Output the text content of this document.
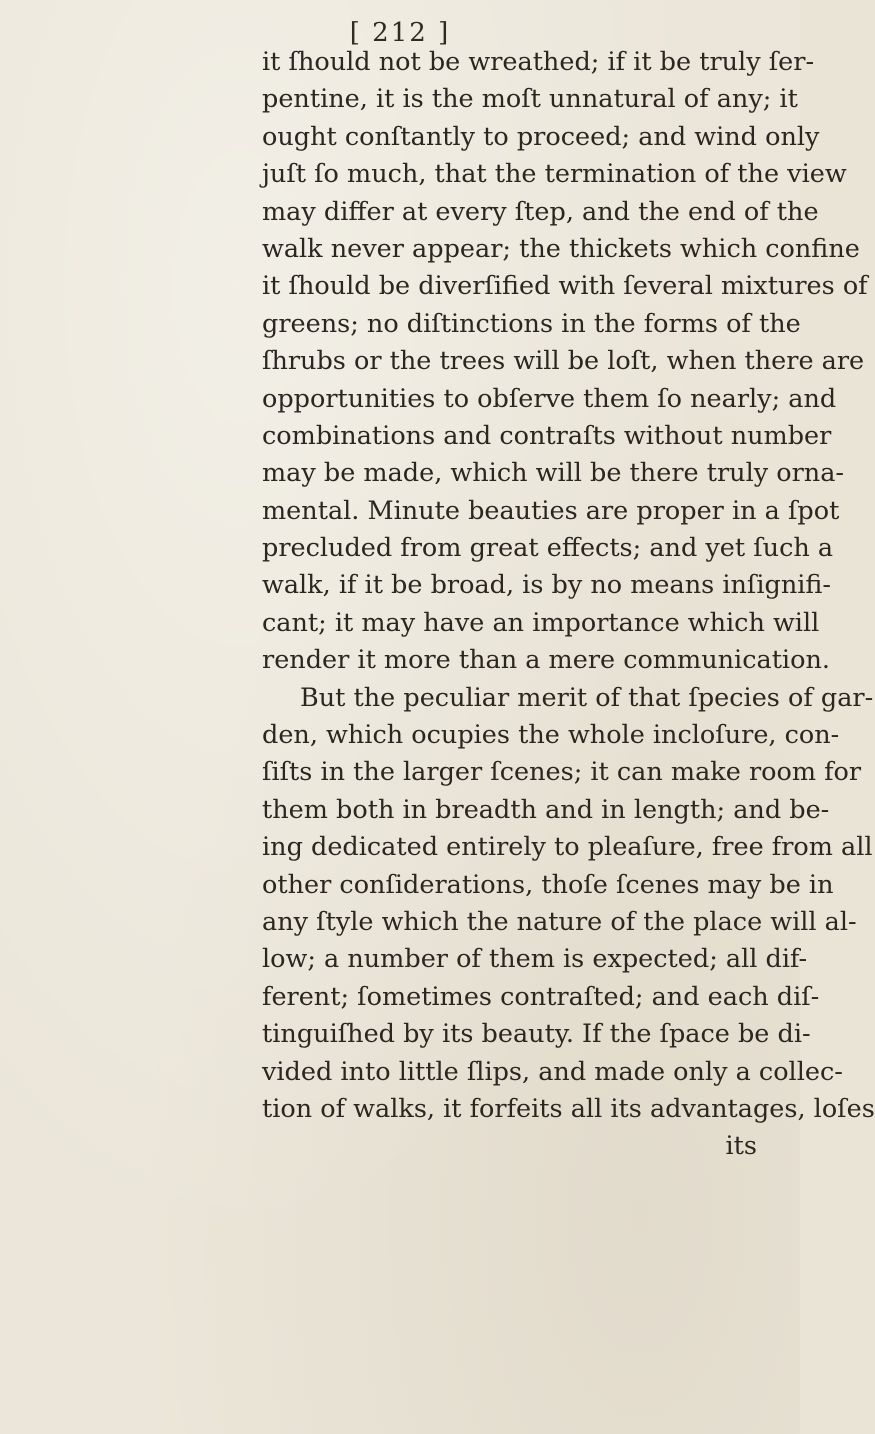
[ 212 ]
it ſhould not be wreathed; if it be truly ſer-
pentine, it is the moſt unnatural of any; it
ought conſtantly to proceed; and wind only
juſt ſo much, that the termination of the view
may differ at every ſtep, and the end of the
walk never appear; the thickets which confine
it ſhould be diverſified with ſeveral mixtures of
greens; no diſtinctions in the forms of the
ſhrubs or the trees will be loſt, when there are
opportunities to obſerve them ſo nearly; and
combinations and contraſts without number
may be made, which will be there truly orna-
mental. Minute beauties are proper in a ſpot
precluded from great effects; and yet ſuch a
walk, if it be broad, is by no means inſignifi-
cant; it may have an importance which will
render it more than a mere communication.
But the peculiar merit of that ſpecies of gar-
den, which ocupies the whole incloſure, con-
ſiſts in the larger ſcenes; it can make room for
them both in breadth and in length; and be-
ing dedicated entirely to pleaſure, free from all
other conſiderations, thoſe ſcenes may be in
any ſtyle which the nature of the place will al-
low; a number of them is expected; all dif-
ferent; ſometimes contraſted; and each diſ-
tinguiſhed by its beauty. If the ſpace be di-
vided into little ſlips, and made only a collec-
tion of walks, it forfeits all its advantages, loſes
its
